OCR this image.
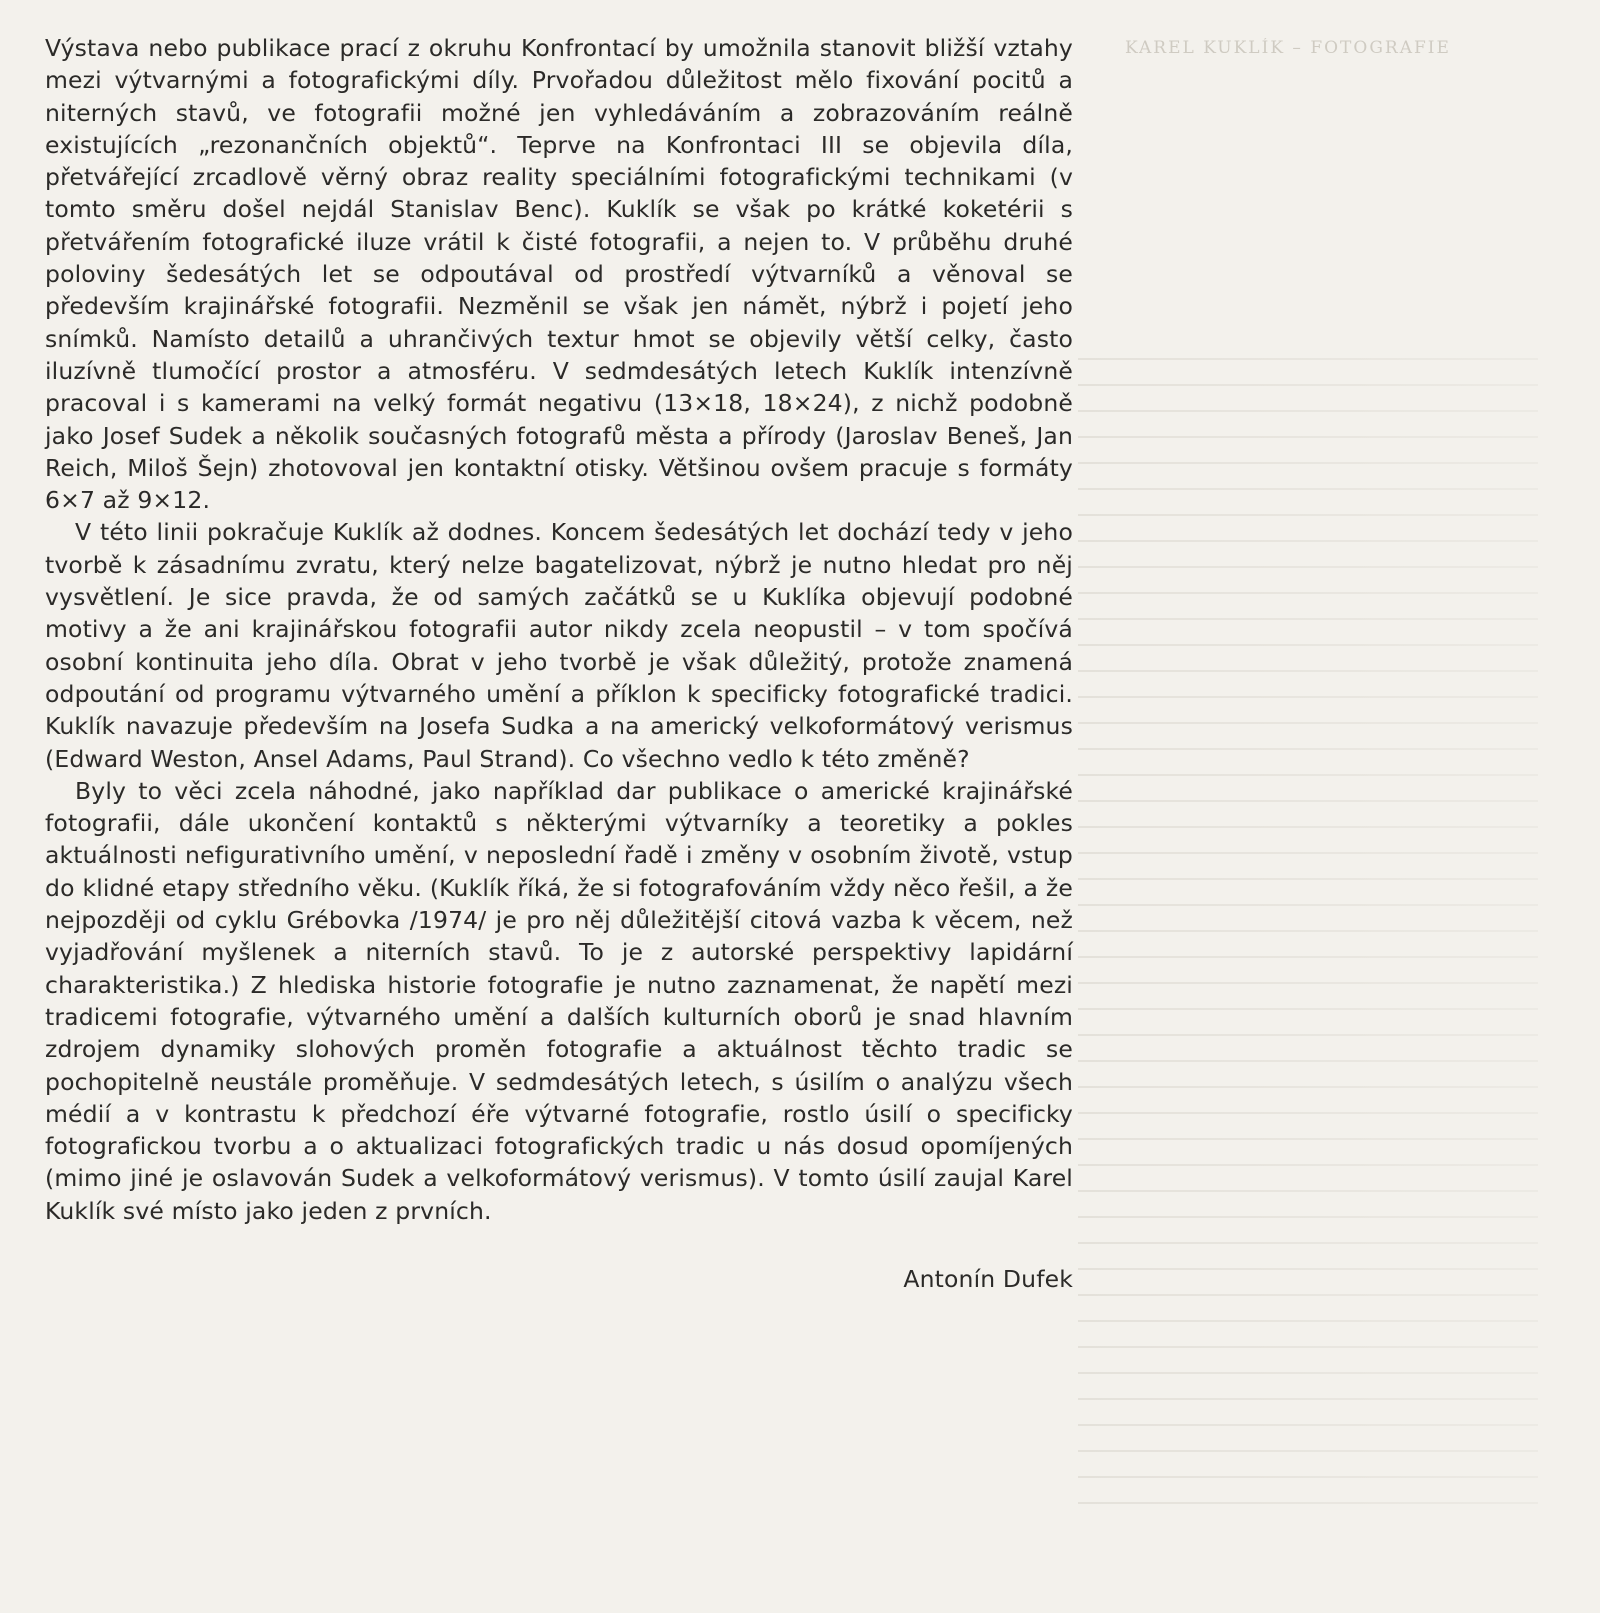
KAREL KUKLÍK – FOTOGRAFIE

Výstava nebo publikace prací z okruhu Konfrontací by umožnila stanovit bližší vztahy mezi výtvarnými a fotografickými díly. Prvořadou důležitost mělo fixování pocitů a niterných stavů, ve fotografii možné jen vyhledáváním a zobrazováním reálně existujících „rezonančních objektů“. Teprve na Konfrontaci III se objevila díla, přetvářející zrcadlově věrný obraz reality speciálními fotografickými technikami (v tomto směru došel nejdál Stanislav Benc). Kuklík se však po krátké koketérii s přetvářením fotografické iluze vrátil k čisté fotografii, a nejen to. V průběhu druhé poloviny šedesátých let se odpoutával od prostředí výtvarníků a věnoval se především krajinářské fotografii. Nezměnil se však jen námět, nýbrž i pojetí jeho snímků. Namísto detailů a uhrančivých textur hmot se objevily větší celky, často iluzívně tlumočící prostor a atmosféru. V sedmdesátých letech Kuklík intenzívně pracoval i s kamerami na velký formát negativu (13×18, 18×24), z nichž podobně jako Josef Sudek a několik současných fotografů města a přírody (Jaroslav Beneš, Jan Reich, Miloš Šejn) zhotovoval jen kontaktní otisky. Většinou ovšem pracuje s formáty 6×7 až 9×12.

V této linii pokračuje Kuklík až dodnes. Koncem šedesátých let dochází tedy v jeho tvorbě k zásadnímu zvratu, který nelze bagatelizovat, nýbrž je nutno hledat pro něj vysvětlení. Je sice pravda, že od samých začátků se u Kuklíka objevují podobné motivy a že ani krajinářskou fotografii autor nikdy zcela neopustil – v tom spočívá osobní kontinuita jeho díla. Obrat v jeho tvorbě je však důležitý, protože znamená odpoutání od programu výtvarného umění a příklon k specificky fotografické tradici. Kuklík navazuje především na Josefa Sudka a na americký velkoformátový verismus (Edward Weston, Ansel Adams, Paul Strand). Co všechno vedlo k této změně?

Byly to věci zcela náhodné, jako například dar publikace o americké krajinářské fotografii, dále ukončení kontaktů s některými výtvarníky a teoretiky a pokles aktuálnosti nefigurativního umění, v neposlední řadě i změny v osobním životě, vstup do klidné etapy středního věku. (Kuklík říká, že si fotografováním vždy něco řešil, a že nejpozději od cyklu Grébovka /1974/ je pro něj důležitější citová vazba k věcem, než vyjadřování myšlenek a niterních stavů. To je z autorské perspektivy lapidární charakteristika.) Z hlediska historie fotografie je nutno zaznamenat, že napětí mezi tradicemi fotografie, výtvarného umění a dalších kulturních oborů je snad hlavním zdrojem dynamiky slohových proměn fotografie a aktuálnost těchto tradic se pochopitelně neustále proměňuje. V sedmdesátých letech, s úsilím o analýzu všech médií a v kontrastu k předchozí éře výtvarné fotografie, rostlo úsilí o specificky fotografickou tvorbu a o aktualizaci fotografických tradic u nás dosud opomíjených (mimo jiné je oslavován Sudek a velkoformátový verismus). V tomto úsilí zaujal Karel Kuklík své místo jako jeden z prvních.

Antonín Dufek
